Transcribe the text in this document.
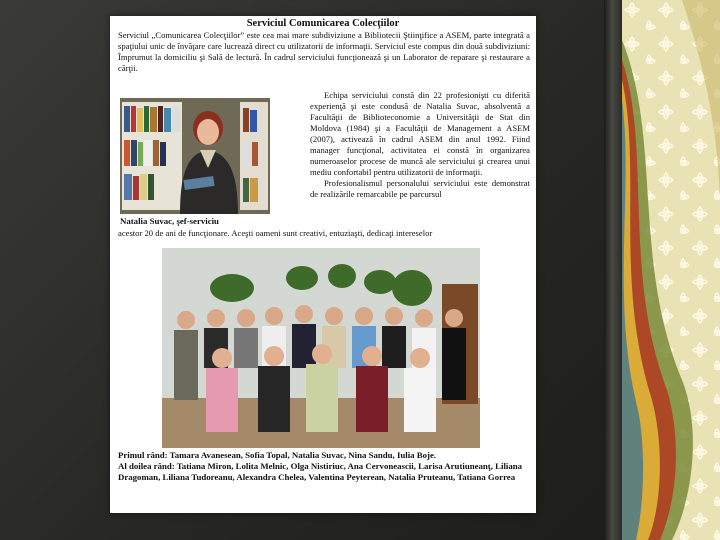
Serviciul Comunicarea Colecţiilor
Serviciul „Comunicarea Colecţiilor” este cea mai mare subdiviziune a Bibliotecii Ştiinţifice a ASEM, parte integrată a spaţiului unic de învăţare care lucrează direct cu utilizatorii de informaţii. Serviciul este compus din două subdiviziuni: Împrumut la domiciliu şi Sală de lectură. În cadrul serviciului funcţionează şi un Laborator de reparare şi restaurare a cărţii.
Natalia Suvac, şef-serviciu

Echipa serviciului constă din 22 profesionişti cu diferită experienţă şi este condusă de Natalia Suvac, absolventă a Facultăţii de Biblioteconomie a Universităţii de Stat din Moldova (1984) şi a Facultăţii de Management a ASEM (2007), activează în cadrul ASEM din anul 1992. Fiind manager funcţional, activitatea ei constă în organizarea numeroaselor procese de muncă ale serviciului şi crearea unui mediu confortabil pentru utilizatorii de informaţii.

Profesionalismul personalului serviciului este demonstrat de realizările remarcabile pe parcursul

acestor 20 de ani de funcţionare. Aceşti oameni sunt creativi, entuziaşti, dedicaţi intereselor
Primul rând: Tamara Avanesean, Sofia Topal, Natalia Suvac, Nina Sandu, Iulia Boje.
Al doilea rând: Tatiana Miron, Lolita Melnic, Olga Nistiriuc, Ana Cervoneascii, Larisa Arutiuneanţ, Liliana Dragoman, Liliana Tudoreanu, Alexandra Chelea, Valentina Peyterean, Natalia Pruteanu, Tatiana Gorrea
